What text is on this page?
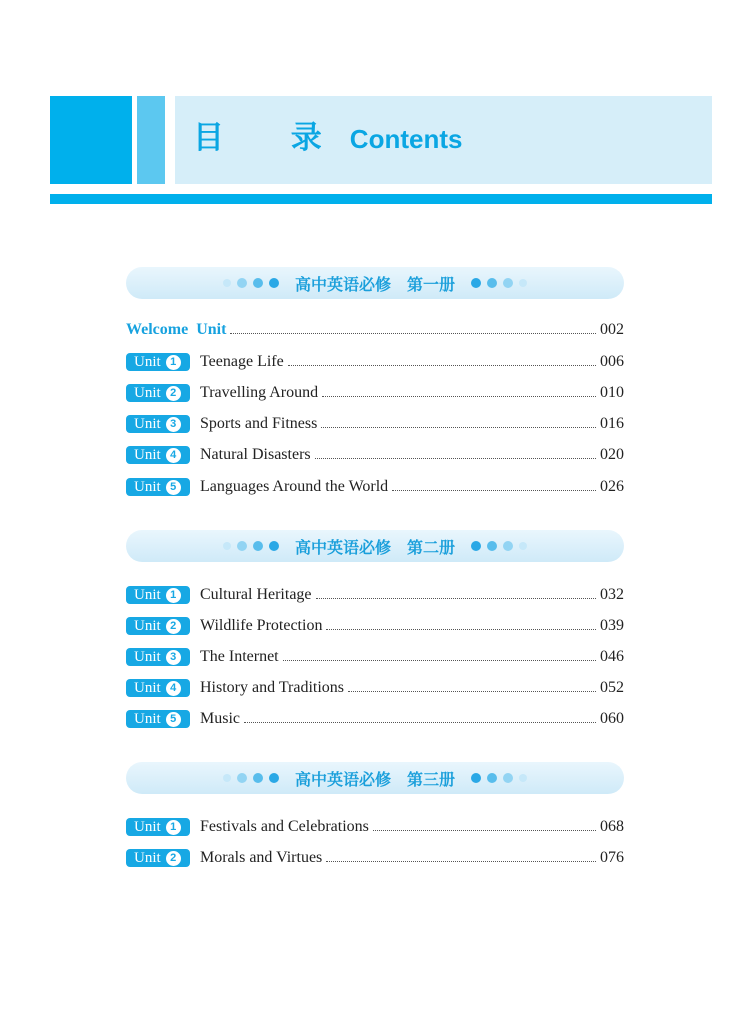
目 录 Contents
高中英语必修 第一册
Welcome Unit	002
Unit 1 Teenage Life	006
Unit 2 Travelling Around	010
Unit 3 Sports and Fitness	016
Unit 4 Natural Disasters	020
Unit 5 Languages Around the World	026
高中英语必修 第二册
Unit 1 Cultural Heritage	032
Unit 2 Wildlife Protection	039
Unit 3 The Internet	046
Unit 4 History and Traditions	052
Unit 5 Music	060
高中英语必修 第三册
Unit 1 Festivals and Celebrations	068
Unit 2 Morals and Virtues	076
